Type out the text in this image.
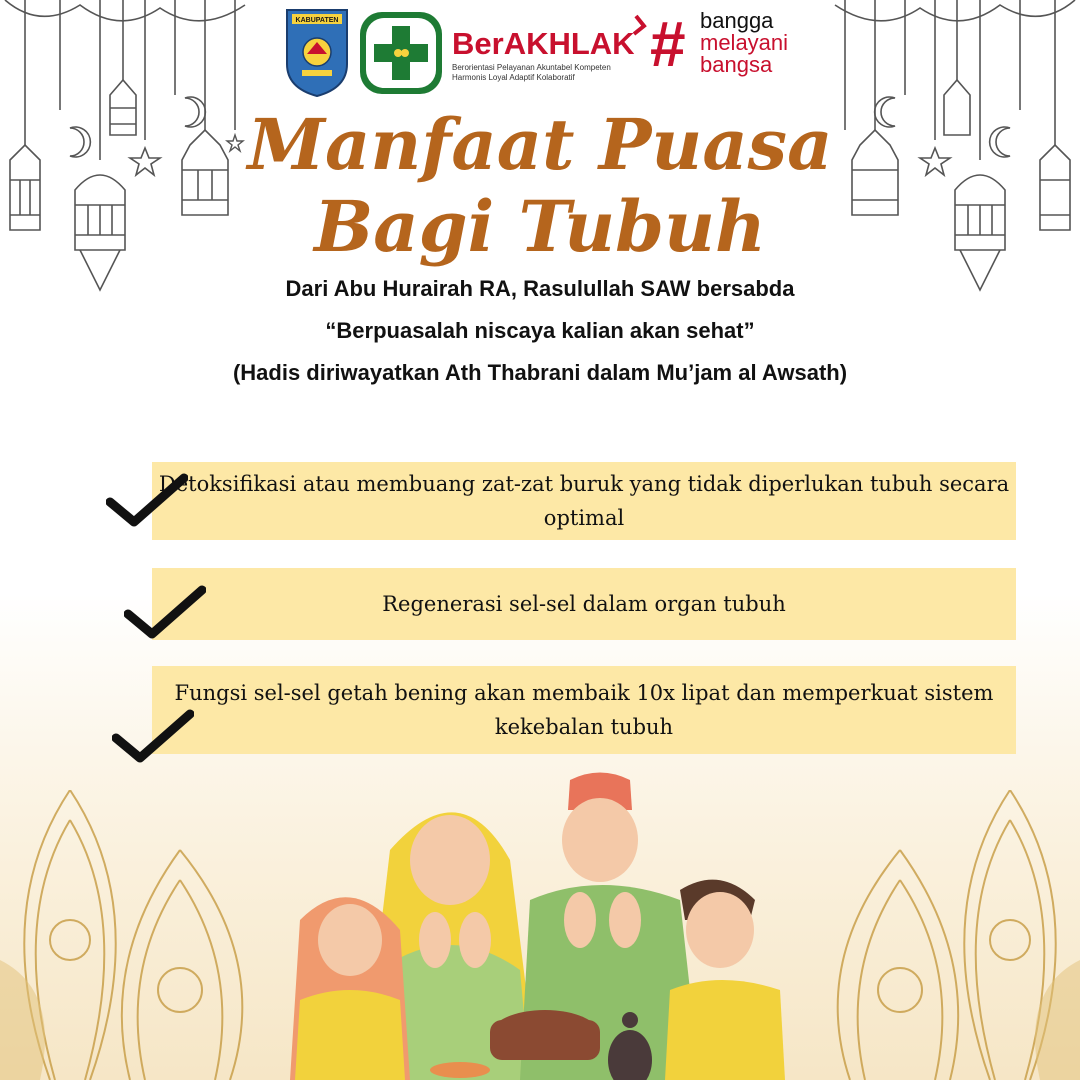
KABUPATEN
BerAKHLAK
Berorientasi Pelayanan Akuntabel Kompeten
Harmonis Loyal Adaptif Kolaboratif # bangga
melayani
bangsa
Manfaat Puasa
Bagi Tubuh
Dari Abu Hurairah RA, Rasulullah SAW bersabda
“Berpuasalah niscaya kalian akan sehat”
(Hadis diriwayatkan Ath Thabrani dalam Mu’jam al Awsath)
Detoksifikasi atau membuang zat-zat buruk yang tidak diperlukan tubuh secara optimal
Regenerasi sel-sel dalam organ tubuh
Fungsi sel-sel getah bening akan membaik 10x lipat dan memperkuat sistem kekebalan tubuh
